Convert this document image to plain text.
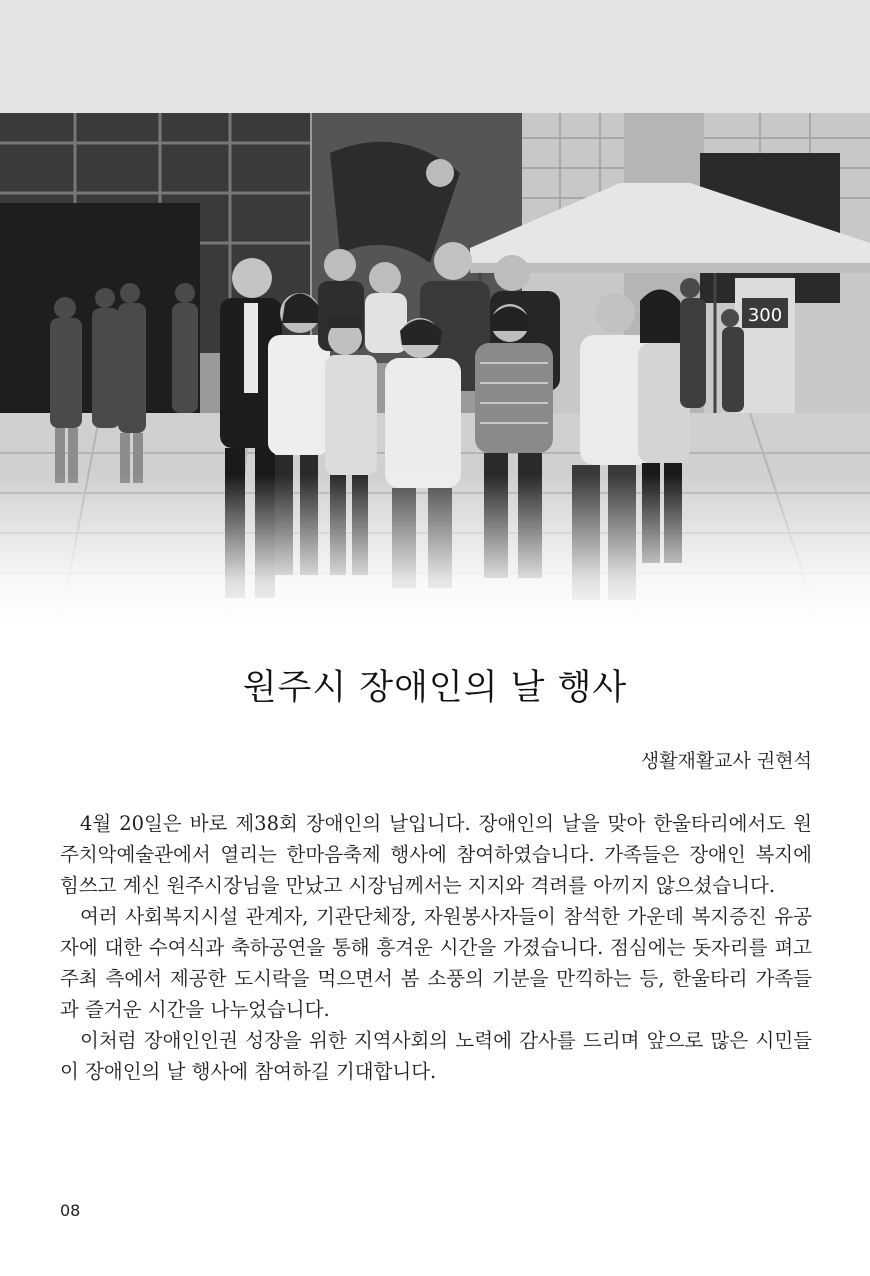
300
원주시 장애인의 날 행사
생활재활교사 권현석

4월 20일은 바로 제38회 장애인의 날입니다. 장애인의 날을 맞아 한울타리에서도 원주치악예술관에서 열리는 한마음축제 행사에 참여하였습니다. 가족들은 장애인 복지에 힘쓰고 계신 원주시장님을 만났고 시장님께서는 지지와 격려를 아끼지 않으셨습니다.

여러 사회복지시설 관계자, 기관단체장, 자원봉사자들이 참석한 가운데 복지증진 유공자에 대한 수여식과 축하공연을 통해 흥겨운 시간을 가졌습니다. 점심에는 돗자리를 펴고 주최 측에서 제공한 도시락을 먹으면서 봄 소풍의 기분을 만끽하는 등, 한울타리 가족들과 즐거운 시간을 나누었습니다.

이처럼 장애인인권 성장을 위한 지역사회의 노력에 감사를 드리며 앞으로 많은 시민들이 장애인의 날 행사에 참여하길 기대합니다.

08
